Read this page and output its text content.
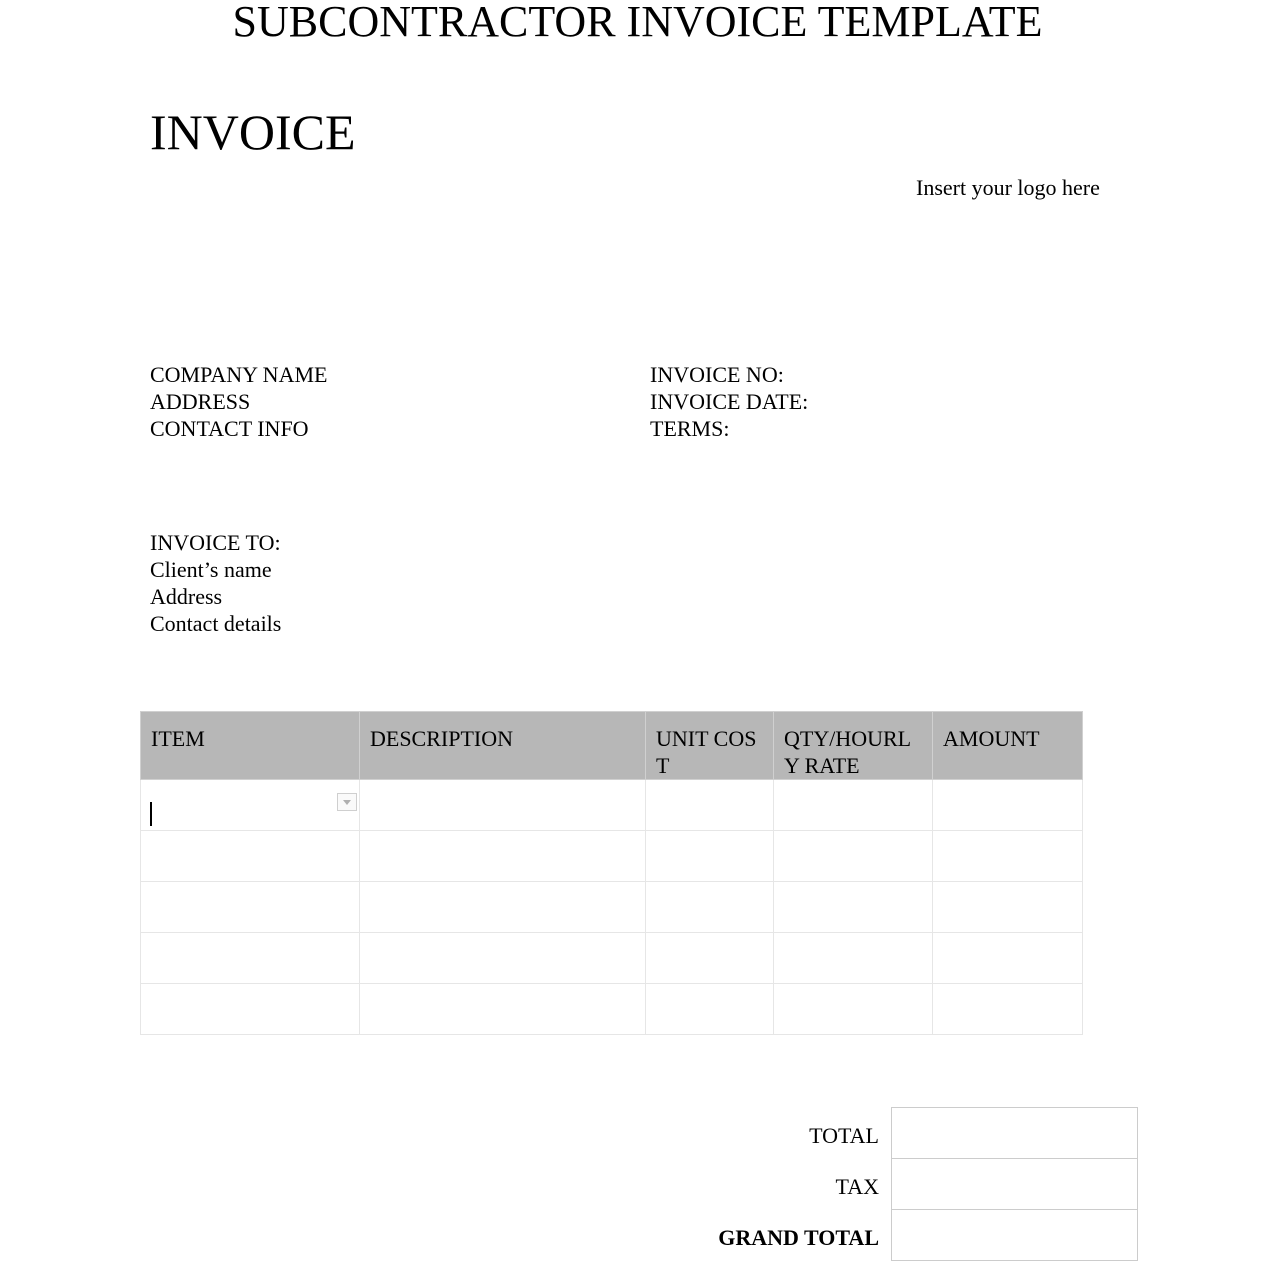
SUBCONTRACTOR INVOICE TEMPLATE
INVOICE
Insert your logo here
COMPANY NAME
ADDRESS
CONTACT INFO
INVOICE NO:
INVOICE DATE:
TERMS:
INVOICE TO:
Client’s name
Address
Contact details
ITEM	DESCRIPTION	UNIT COST	QTY/HOURLY RATE	AMOUNT

TOTAL
TAX
GRAND TOTAL
